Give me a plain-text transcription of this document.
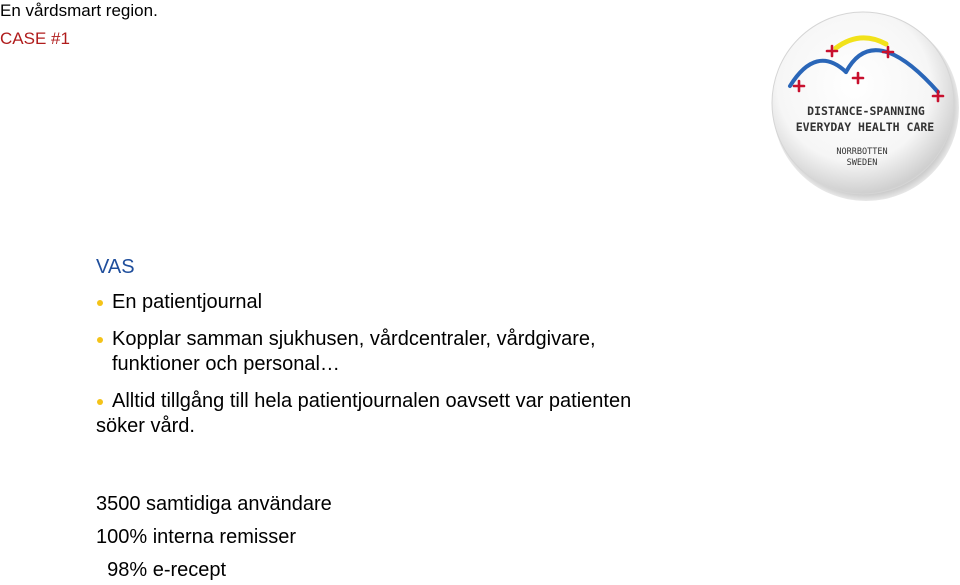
En vårdsmart region.

CASE #1

DISTANCE-SPANNING
EVERYDAY HEALTH CARE
NORRBOTTEN
SWEDEN

VAS

En patientjournal
Kopplar samman sjukhusen, vårdcentraler, vårdgivare,
funktioner och personal…
Alltid tillgång till hela patientjournalen oavsett var patienten
söker vård.
3500 samtidiga användare
100% interna remisser
98% e-recept
